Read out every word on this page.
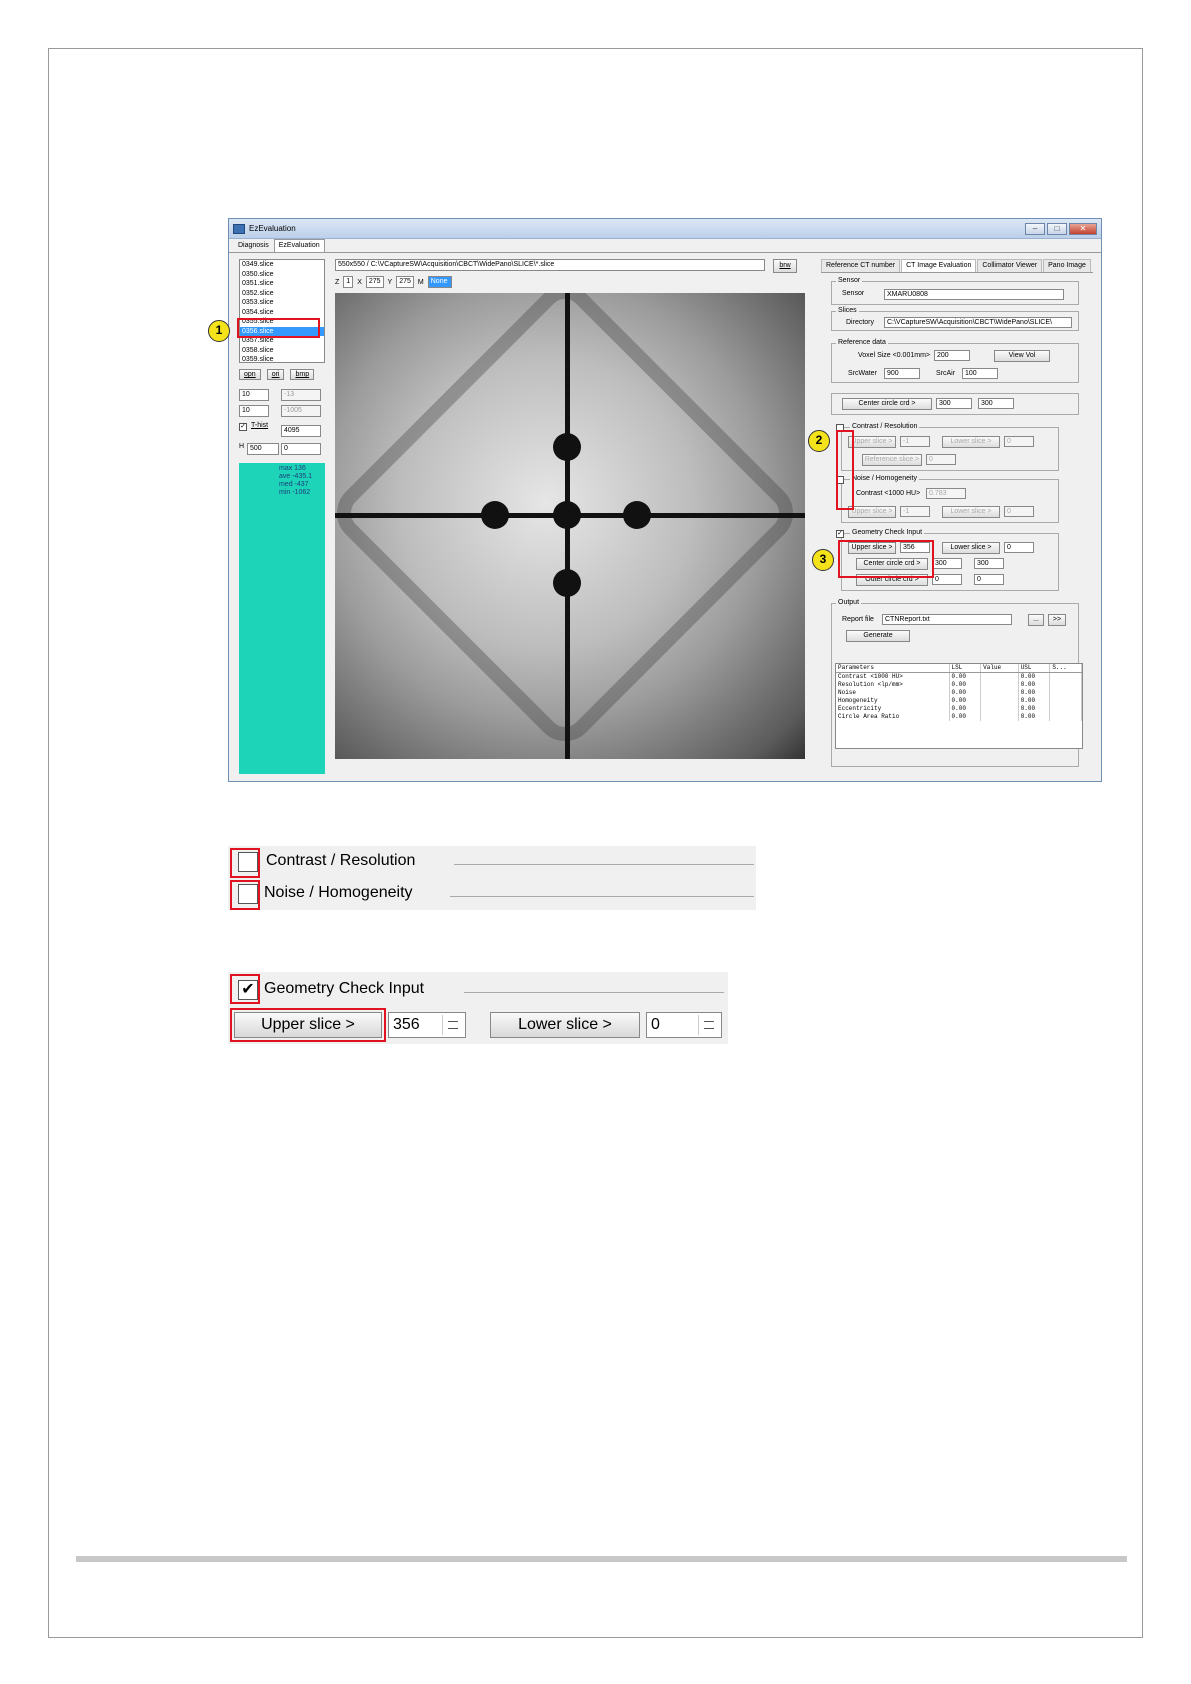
EzEvaluation	–	□	✕
Diagnosis	EzEvaluation
0349.slice
0350.slice
0351.slice
0352.slice
0353.slice
0354.slice
0355.slice
0356.slice
0357.slice
0358.slice
0359.slice
opn	ori	bmp
10	-13
10	-1005
✓ T-hist
4095
H 500	0
max 136
ave -435.1
med -437
min -1062
550x550 / C:\VCaptureSW\Acquisition\CBCT\WidePano\SLICE\*.slice	brw
Z	1	X	275	Y	275	M	None
Reference CT number	CT Image Evaluation	Collimator Viewer	Pano Image
Sensor
Sensor	XMARU0808
Slices
Directory	C:\VCaptureSW\Acquisition\CBCT\WidePano\SLICE\
Reference data
Voxel Size <0.001mm>	200	View Vol
SrcWater	900	SrcAir	100
Center circle crd >	300	300
Contrast / Resolution
Upper slice >	-1	Lower slice >	0
Reference slice >	0
Noise / Homogeneity
Contrast <1000 HU>	0.783
Upper slice >	-1	Lower slice >	0
✓ Geometry Check Input
Upper slice >	356	Lower slice >	0
Center circle crd >	300	300
Outer circle crd >	0	0
Output
Report file	CTNReport.txt	...	>>
Generate
Parameters	LSL	Value	USL	S...
Contrast <1000 HU>	0.00		0.00	
Resolution <lp/mm>	0.00		0.00	
Noise	0.00		0.00	
Homogeneity	0.00		0.00	
Eccentricity	0.00		0.00	
Circle Area Ratio	0.00		0.00	
1
2
3
Contrast / Resolution
Noise / Homogeneity
✔ Geometry Check Input
Upper slice >	356	Lower slice >	0
